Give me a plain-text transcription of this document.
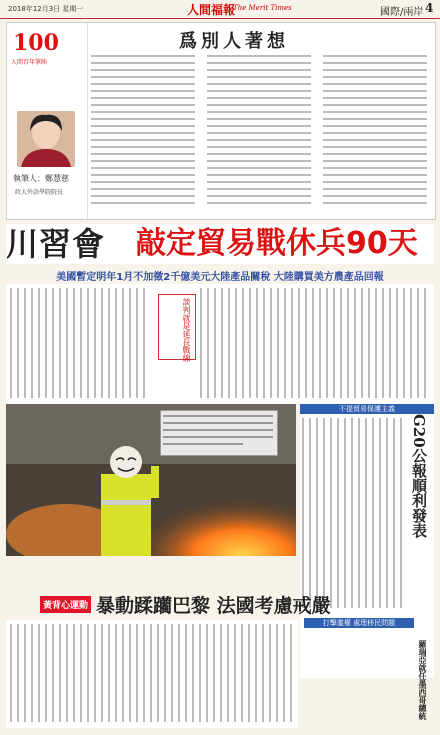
2018年12月3日 星期一	人間福報
The Merit Times	國際/兩岸 4
100
人間百年筆陣
執筆人：鄭慧慈
政大外語學院院長
爲別人著想
川習會 敲定貿易戰休兵90天
美國暫定明年1月不加徵2千億美元大陸產品關稅 大陸購買美方農產品回報
談判就是延長戰線
不提貿易保護主義
G20公報順利發表
打擊濫權 處理移民問題
羅瑞亞就任墨西哥總統
黃背心運動 暴動蹂躪巴黎 法國考慮戒嚴
